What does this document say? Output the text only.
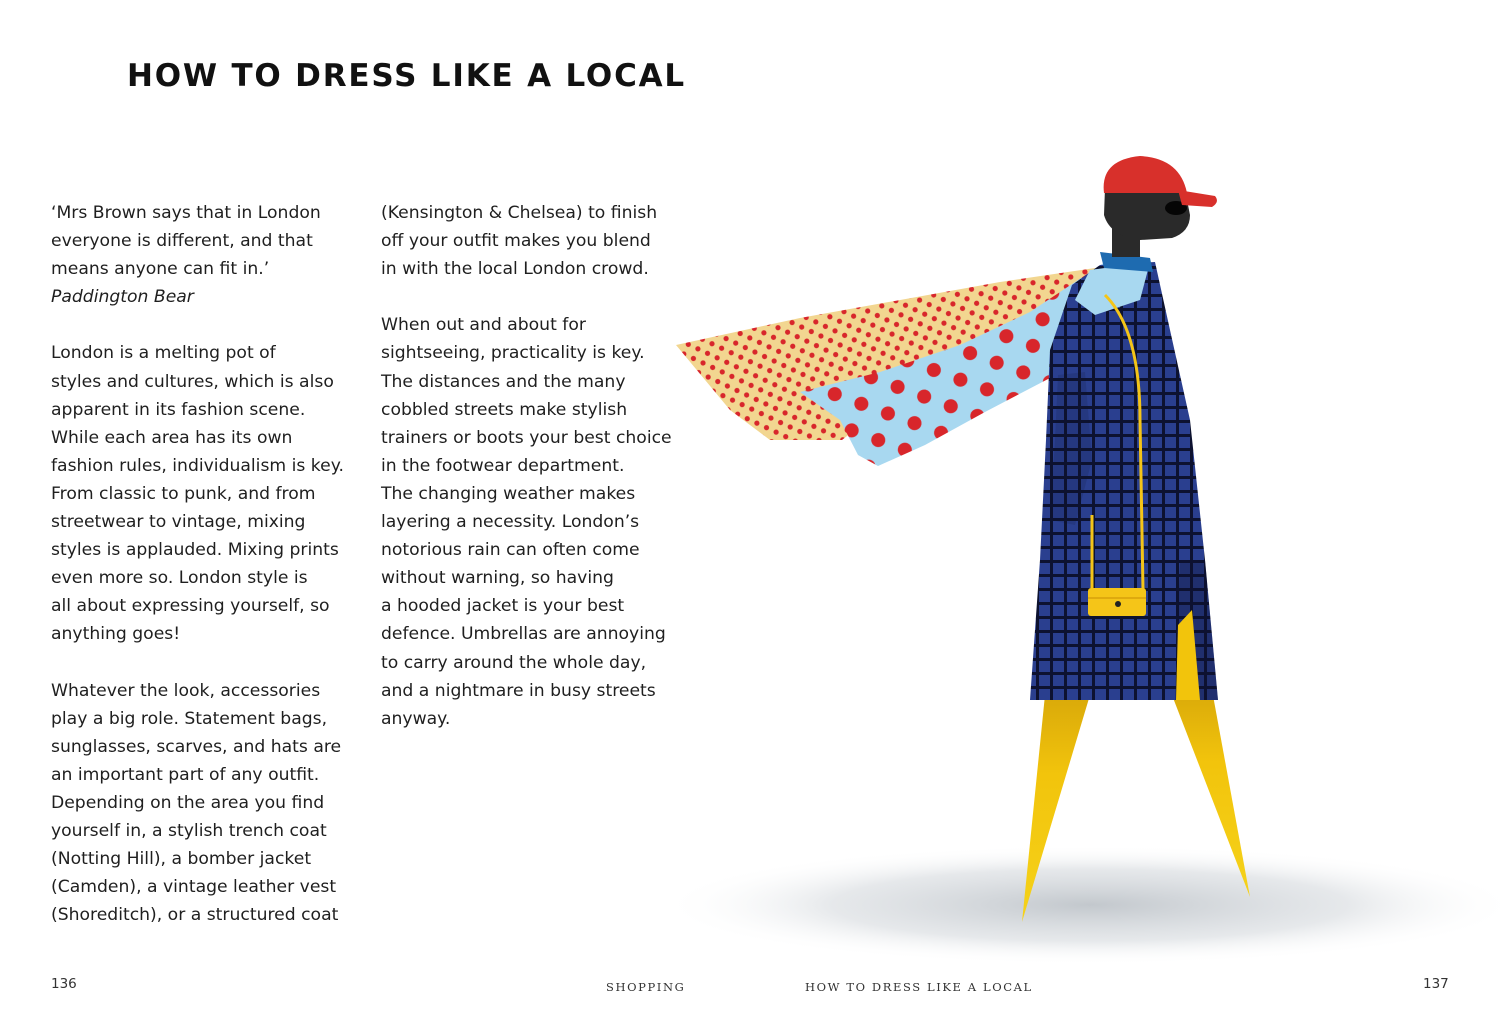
HOW TO DRESS LIKE A LOCAL

‘Mrs Brown says that in London
everyone is different, and that
means anyone can fit in.’
Paddington Bear

London is a melting pot of
styles and cultures, which is also
apparent in its fashion scene.
While each area has its own
fashion rules, individualism is key.
From classic to punk, and from
streetwear to vintage, mixing
styles is applauded. Mixing prints
even more so. London style is
all about expressing yourself, so
anything goes!

Whatever the look, accessories
play a big role. Statement bags,
sunglasses, scarves, and hats are
an important part of any outfit.
Depending on the area you find
yourself in, a stylish trench coat
(Notting Hill), a bomber jacket
(Camden), a vintage leather vest
(Shoreditch), or a structured coat

(Kensington & Chelsea) to finish
off your outfit makes you blend
in with the local London crowd.

When out and about for
sightseeing, practicality is key.
The distances and the many
cobbled streets make stylish
trainers or boots your best choice
in the footwear department.
The changing weather makes
layering a necessity. London’s
notorious rain can often come
without warning, so having
a hooded jacket is your best
defence. Umbrellas are annoying
to carry around the whole day,
and a nightmare in busy streets
anyway.

136	SHOPPING	HOW TO DRESS LIKE A LOCAL	137
